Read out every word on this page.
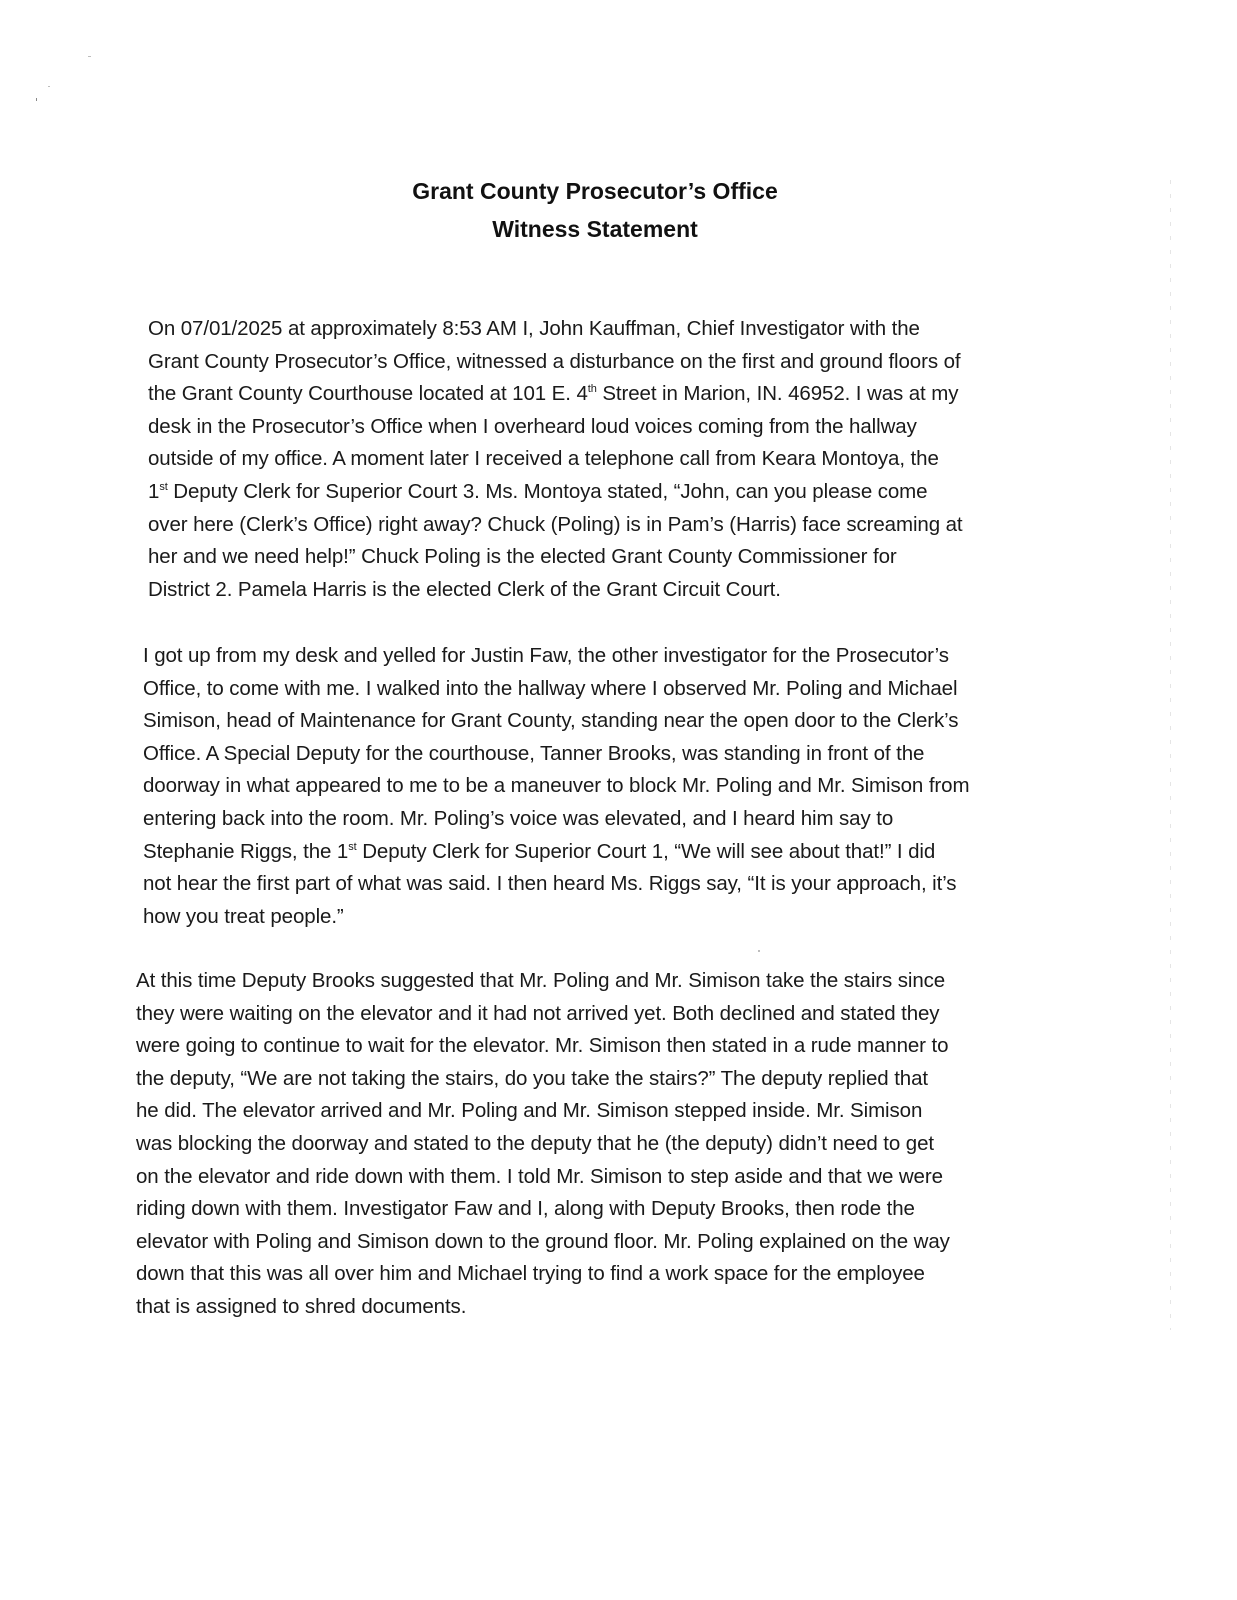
Grant County Prosecutor’s Office
Witness Statement
On 07/01/2025 at approximately 8:53 AM I, John Kauffman, Chief Investigator with the
Grant County Prosecutor’s Office, witnessed a disturbance on the first and ground floors of
the Grant County Courthouse located at 101 E. 4th Street in Marion, IN. 46952. I was at my
desk in the Prosecutor’s Office when I overheard loud voices coming from the hallway
outside of my office. A moment later I received a telephone call from Keara Montoya, the
1st Deputy Clerk for Superior Court 3. Ms. Montoya stated, “John, can you please come
over here (Clerk’s Office) right away? Chuck (Poling) is in Pam’s (Harris) face screaming at
her and we need help!” Chuck Poling is the elected Grant County Commissioner for
District 2. Pamela Harris is the elected Clerk of the Grant Circuit Court.
I got up from my desk and yelled for Justin Faw, the other investigator for the Prosecutor’s
Office, to come with me. I walked into the hallway where I observed Mr. Poling and Michael
Simison, head of Maintenance for Grant County, standing near the open door to the Clerk’s
Office. A Special Deputy for the courthouse, Tanner Brooks, was standing in front of the
doorway in what appeared to me to be a maneuver to block Mr. Poling and Mr. Simison from
entering back into the room. Mr. Poling’s voice was elevated, and I heard him say to
Stephanie Riggs, the 1st Deputy Clerk for Superior Court 1, “We will see about that!” I did
not hear the first part of what was said. I then heard Ms. Riggs say, “It is your approach, it’s
how you treat people.”
At this time Deputy Brooks suggested that Mr. Poling and Mr. Simison take the stairs since
they were waiting on the elevator and it had not arrived yet. Both declined and stated they
were going to continue to wait for the elevator. Mr. Simison then stated in a rude manner to
the deputy, “We are not taking the stairs, do you take the stairs?” The deputy replied that
he did. The elevator arrived and Mr. Poling and Mr. Simison stepped inside. Mr. Simison
was blocking the doorway and stated to the deputy that he (the deputy) didn’t need to get
on the elevator and ride down with them. I told Mr. Simison to step aside and that we were
riding down with them. Investigator Faw and I, along with Deputy Brooks, then rode the
elevator with Poling and Simison down to the ground floor. Mr. Poling explained on the way
down that this was all over him and Michael trying to find a work space for the employee
that is assigned to shred documents.
